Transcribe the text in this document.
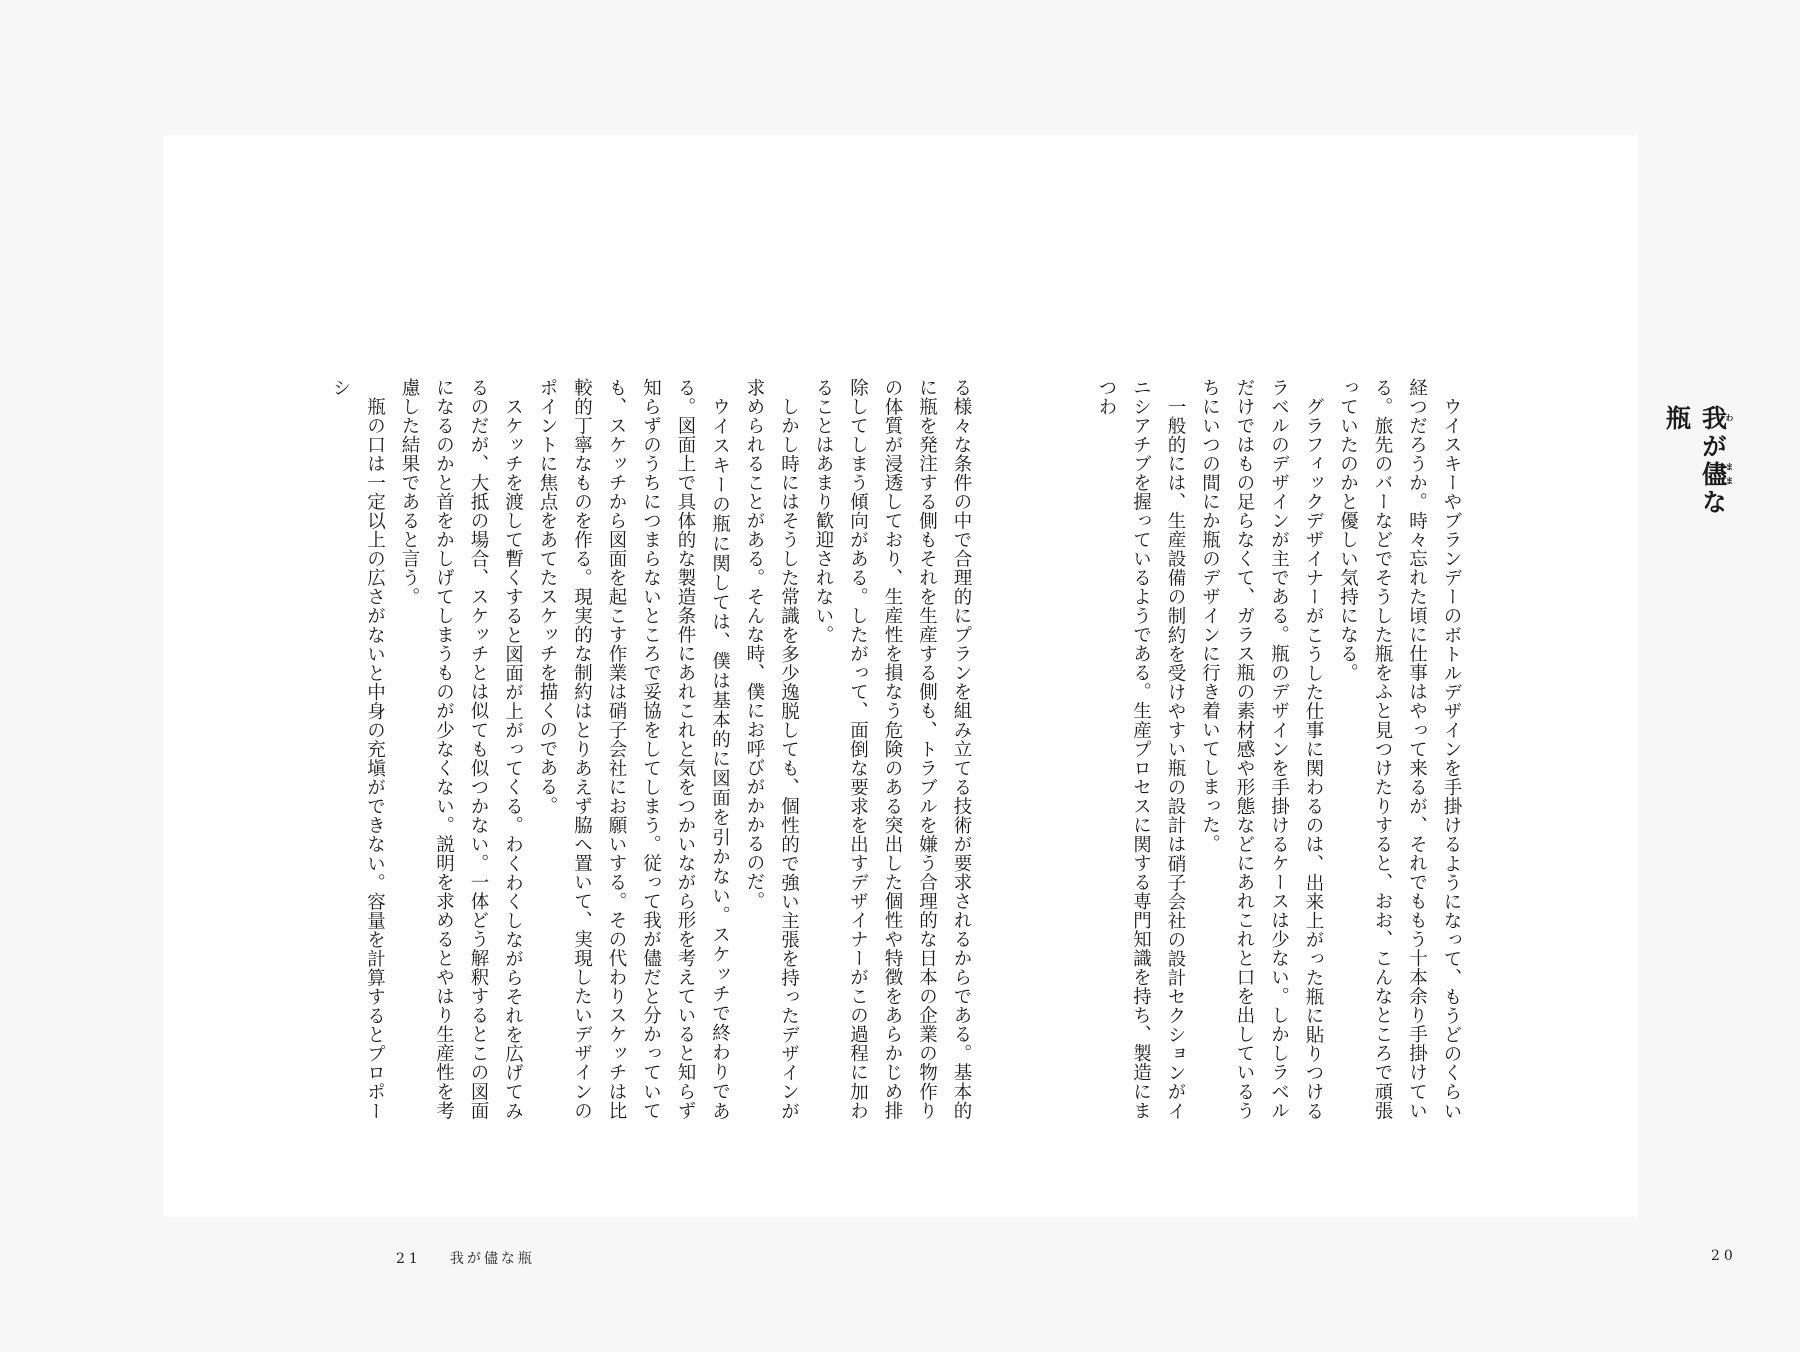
我わが儘ままな瓶

ウイスキーやブランデーのボトルデザインを手掛けるようになって、もうどのくらい経つだろうか。時々忘れた頃に仕事はやって来るが、それでももう十本余り手掛けている。旅先のバーなどでそうした瓶をふと見つけたりすると、おお、こんなところで頑張っていたのかと優しい気持になる。

グラフィックデザイナーがこうした仕事に関わるのは、出来上がった瓶に貼りつけるラベルのデザインが主である。瓶のデザインを手掛けるケースは少ない。しかしラベルだけではもの足らなくて、ガラス瓶の素材感や形態などにあれこれと口を出しているうちにいつの間にか瓶のデザインに行き着いてしまった。

一般的には、生産設備の制約を受けやすい瓶の設計は硝子会社の設計セクションがイニシアチブを握っているようである。生産プロセスに関する専門知識を持ち、製造にまつわ

る様々な条件の中で合理的にプランを組み立てる技術が要求されるからである。基本的に瓶を発注する側もそれを生産する側も、トラブルを嫌う合理的な日本の企業の物作りの体質が浸透しており、生産性を損なう危険のある突出した個性や特徴をあらかじめ排除してしまう傾向がある。したがって、面倒な要求を出すデザイナーがこの過程に加わることはあまり歓迎されない。

しかし時にはそうした常識を多少逸脱しても、個性的で強い主張を持ったデザインが求められることがある。そんな時、僕にお呼びがかかるのだ。

ウイスキーの瓶に関しては、僕は基本的に図面を引かない。スケッチで終わりである。図面上で具体的な製造条件にあれこれと気をつかいながら形を考えていると知らず知らずのうちにつまらないところで妥協をしてしまう。従って我が儘だと分かっていても、スケッチから図面を起こす作業は硝子会社にお願いする。その代わりスケッチは比較的丁寧なものを作る。現実的な制約はとりあえず脇へ置いて、実現したいデザインのポイントに焦点をあてたスケッチを描くのである。

スケッチを渡して暫くすると図面が上がってくる。わくわくしながらそれを広げてみるのだが、大抵の場合、スケッチとは似ても似つかない。一体どう解釈するとこの図面になるのかと首をかしげてしまうものが少なくない。説明を求めるとやはり生産性を考慮した結果であると言う。

瓶の口は一定以上の広さがないと中身の充塡ができない。容量を計算するとプロポーシ

21 我が儘な瓶	20
